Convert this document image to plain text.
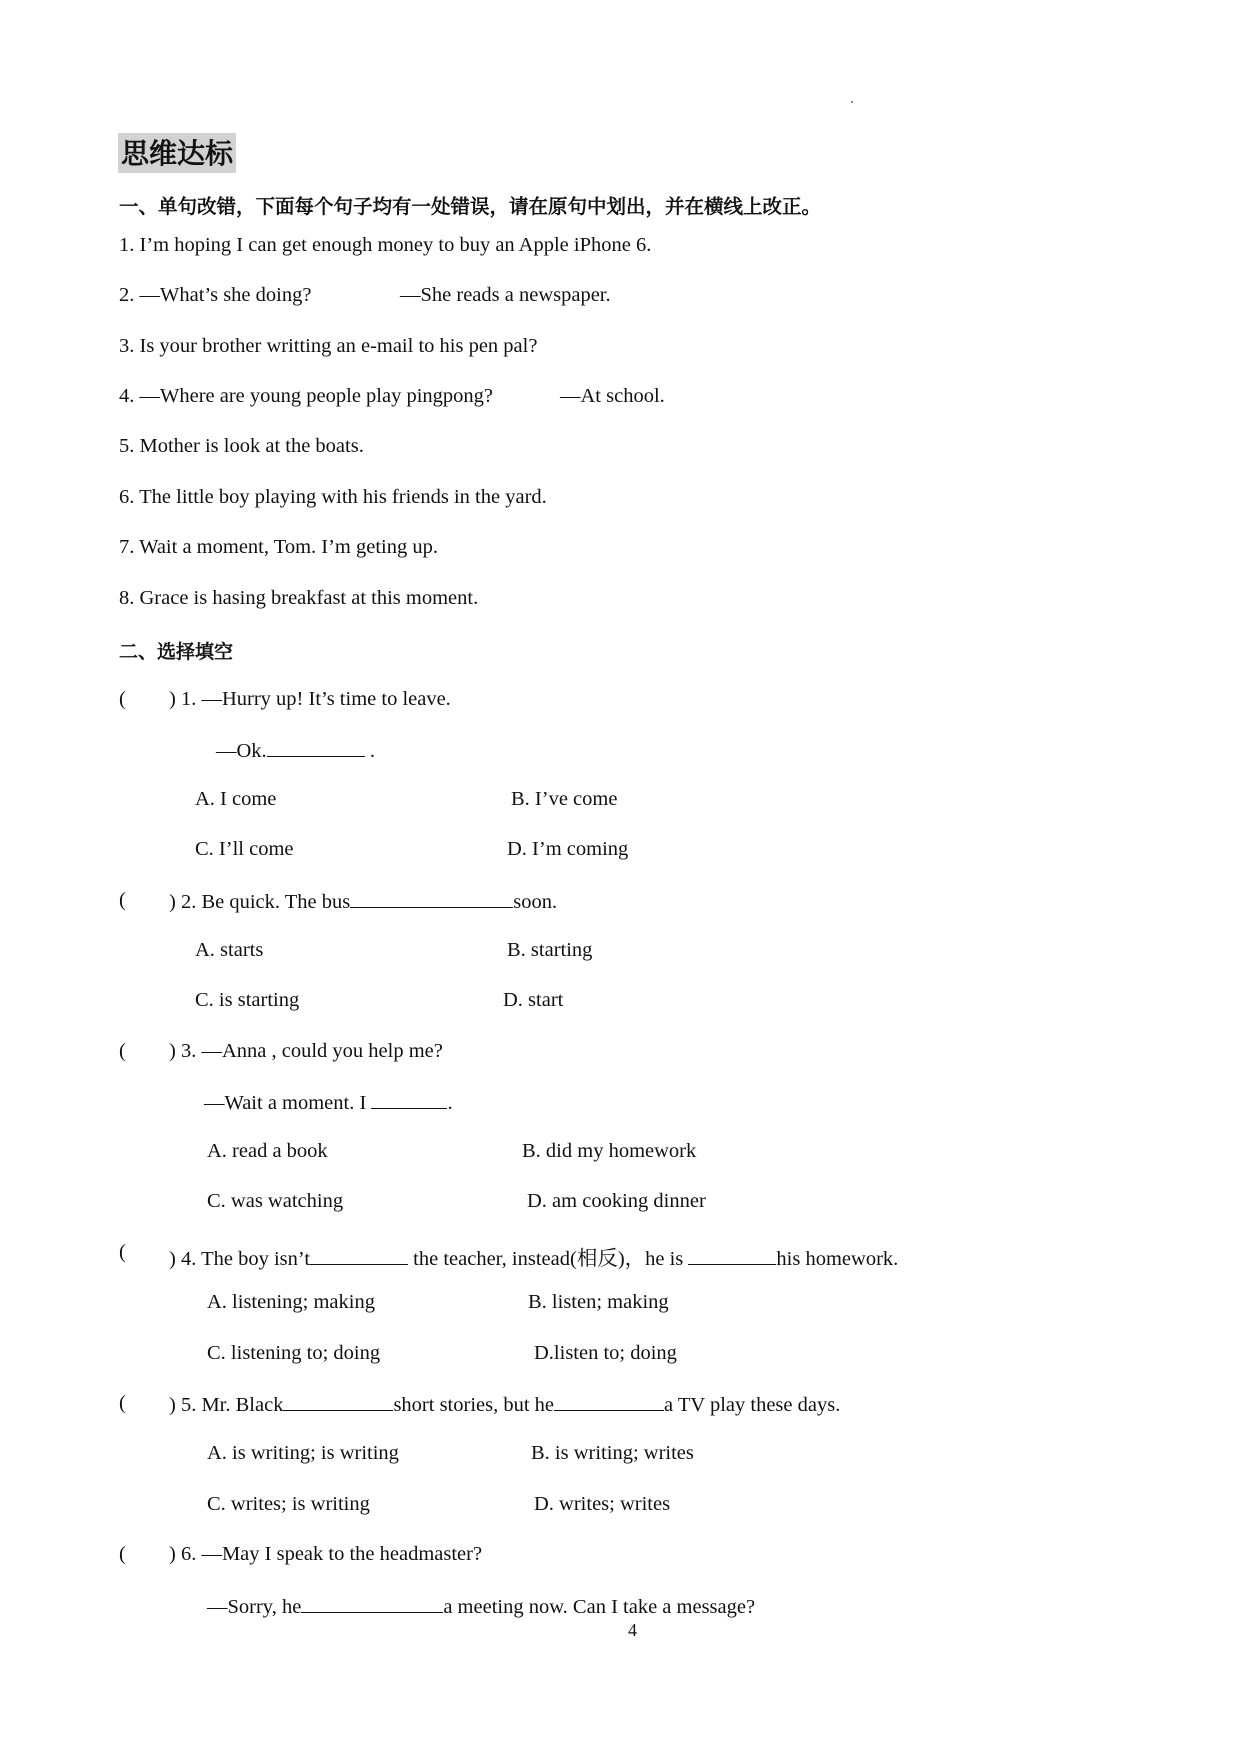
思维达标
一、单句改错，下面每个句子均有一处错误，请在原句中划出，并在横线上改正。
1. I’m hoping I can get enough money to buy an Apple iPhone 6.
2. —What’s she doing?	—She reads a newspaper.
3. Is your brother writting an e-mail to his pen pal?
4. —Where are young people play pingpong?	—At school.
5. Mother is look at the boats.
6. The little boy playing with his friends in the yard.
7. Wait a moment, Tom. I’m geting up.
8. Grace is hasing breakfast at this moment.
二、选择填空
( ) 1. —Hurry up! It’s time to leave.
—Ok.	.
A. I come	B. I’ve come
C. I’ll come	D. I’m coming
( ) 2. Be quick. The bus	soon.
A. starts	B. starting
C. is starting	D. start
( ) 3. —Anna , could you help me?
—Wait a moment. I	.
A. read a book	B. did my homework
C. was watching	D. am cooking dinner
( ) 4. The boy isn’t	the teacher, instead(相反)，he is	his homework.
A. listening; making	B. listen; making
C. listening to; doing	D.listen to; doing
( ) 5. Mr. Black	short stories, but he	a TV play these days.
A. is writing; is writing	B. is writing; writes
C. writes; is writing	D. writes; writes
( ) 6. —May I speak to the headmaster?
—Sorry, he	a meeting now. Can I take a message?
4
